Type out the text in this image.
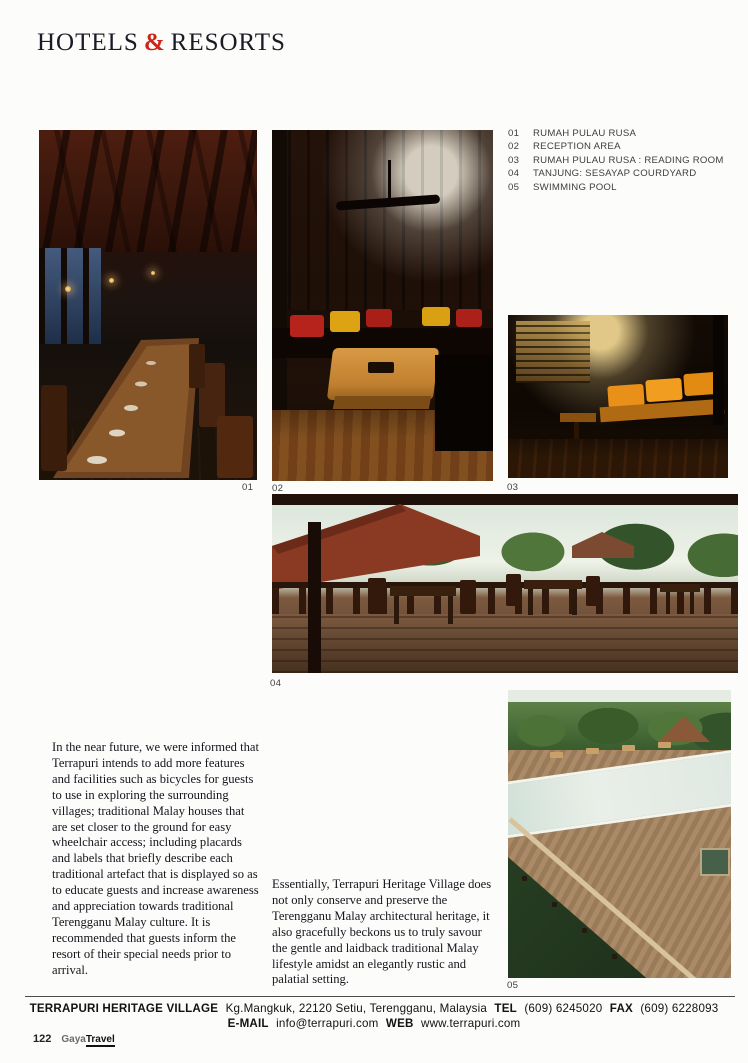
HOTELS & RESORTS
01	RUMAH PULAU RUSA
02	RECEPTION AREA
03	RUMAH PULAU RUSA : READING ROOM
04	TANJUNG: SESAYAP COURDYARD
05	SWIMMING POOL
01 02	03
04
05
In the near future, we were informed that Terrapuri intends to add more features and facilities such as bicycles for guests to use in exploring the surrounding villages; traditional Malay houses that are set closer to the ground for easy wheelchair access; including placards and labels that briefly describe each traditional artefact that is displayed so as to educate guests and increase awareness and appreciation towards traditional Terengganu Malay culture. It is recommended that guests inform the resort of their special needs prior to arrival.
Essentially, Terrapuri Heritage Village does not only conserve and preserve the Terengganu Malay architectural heritage, it also gracefully beckons us to truly savour the gentle and laidback traditional Malay lifestyle amidst an elegantly rustic and palatial setting.
TERRAPURI HERITAGE VILLAGE Kg.Mangkuk, 22120 Setiu, Terengganu, Malaysia TEL (609) 6245020 FAX (609) 6228093
E-MAIL info@terrapuri.com WEB www.terrapuri.com
122 GayaTravel
